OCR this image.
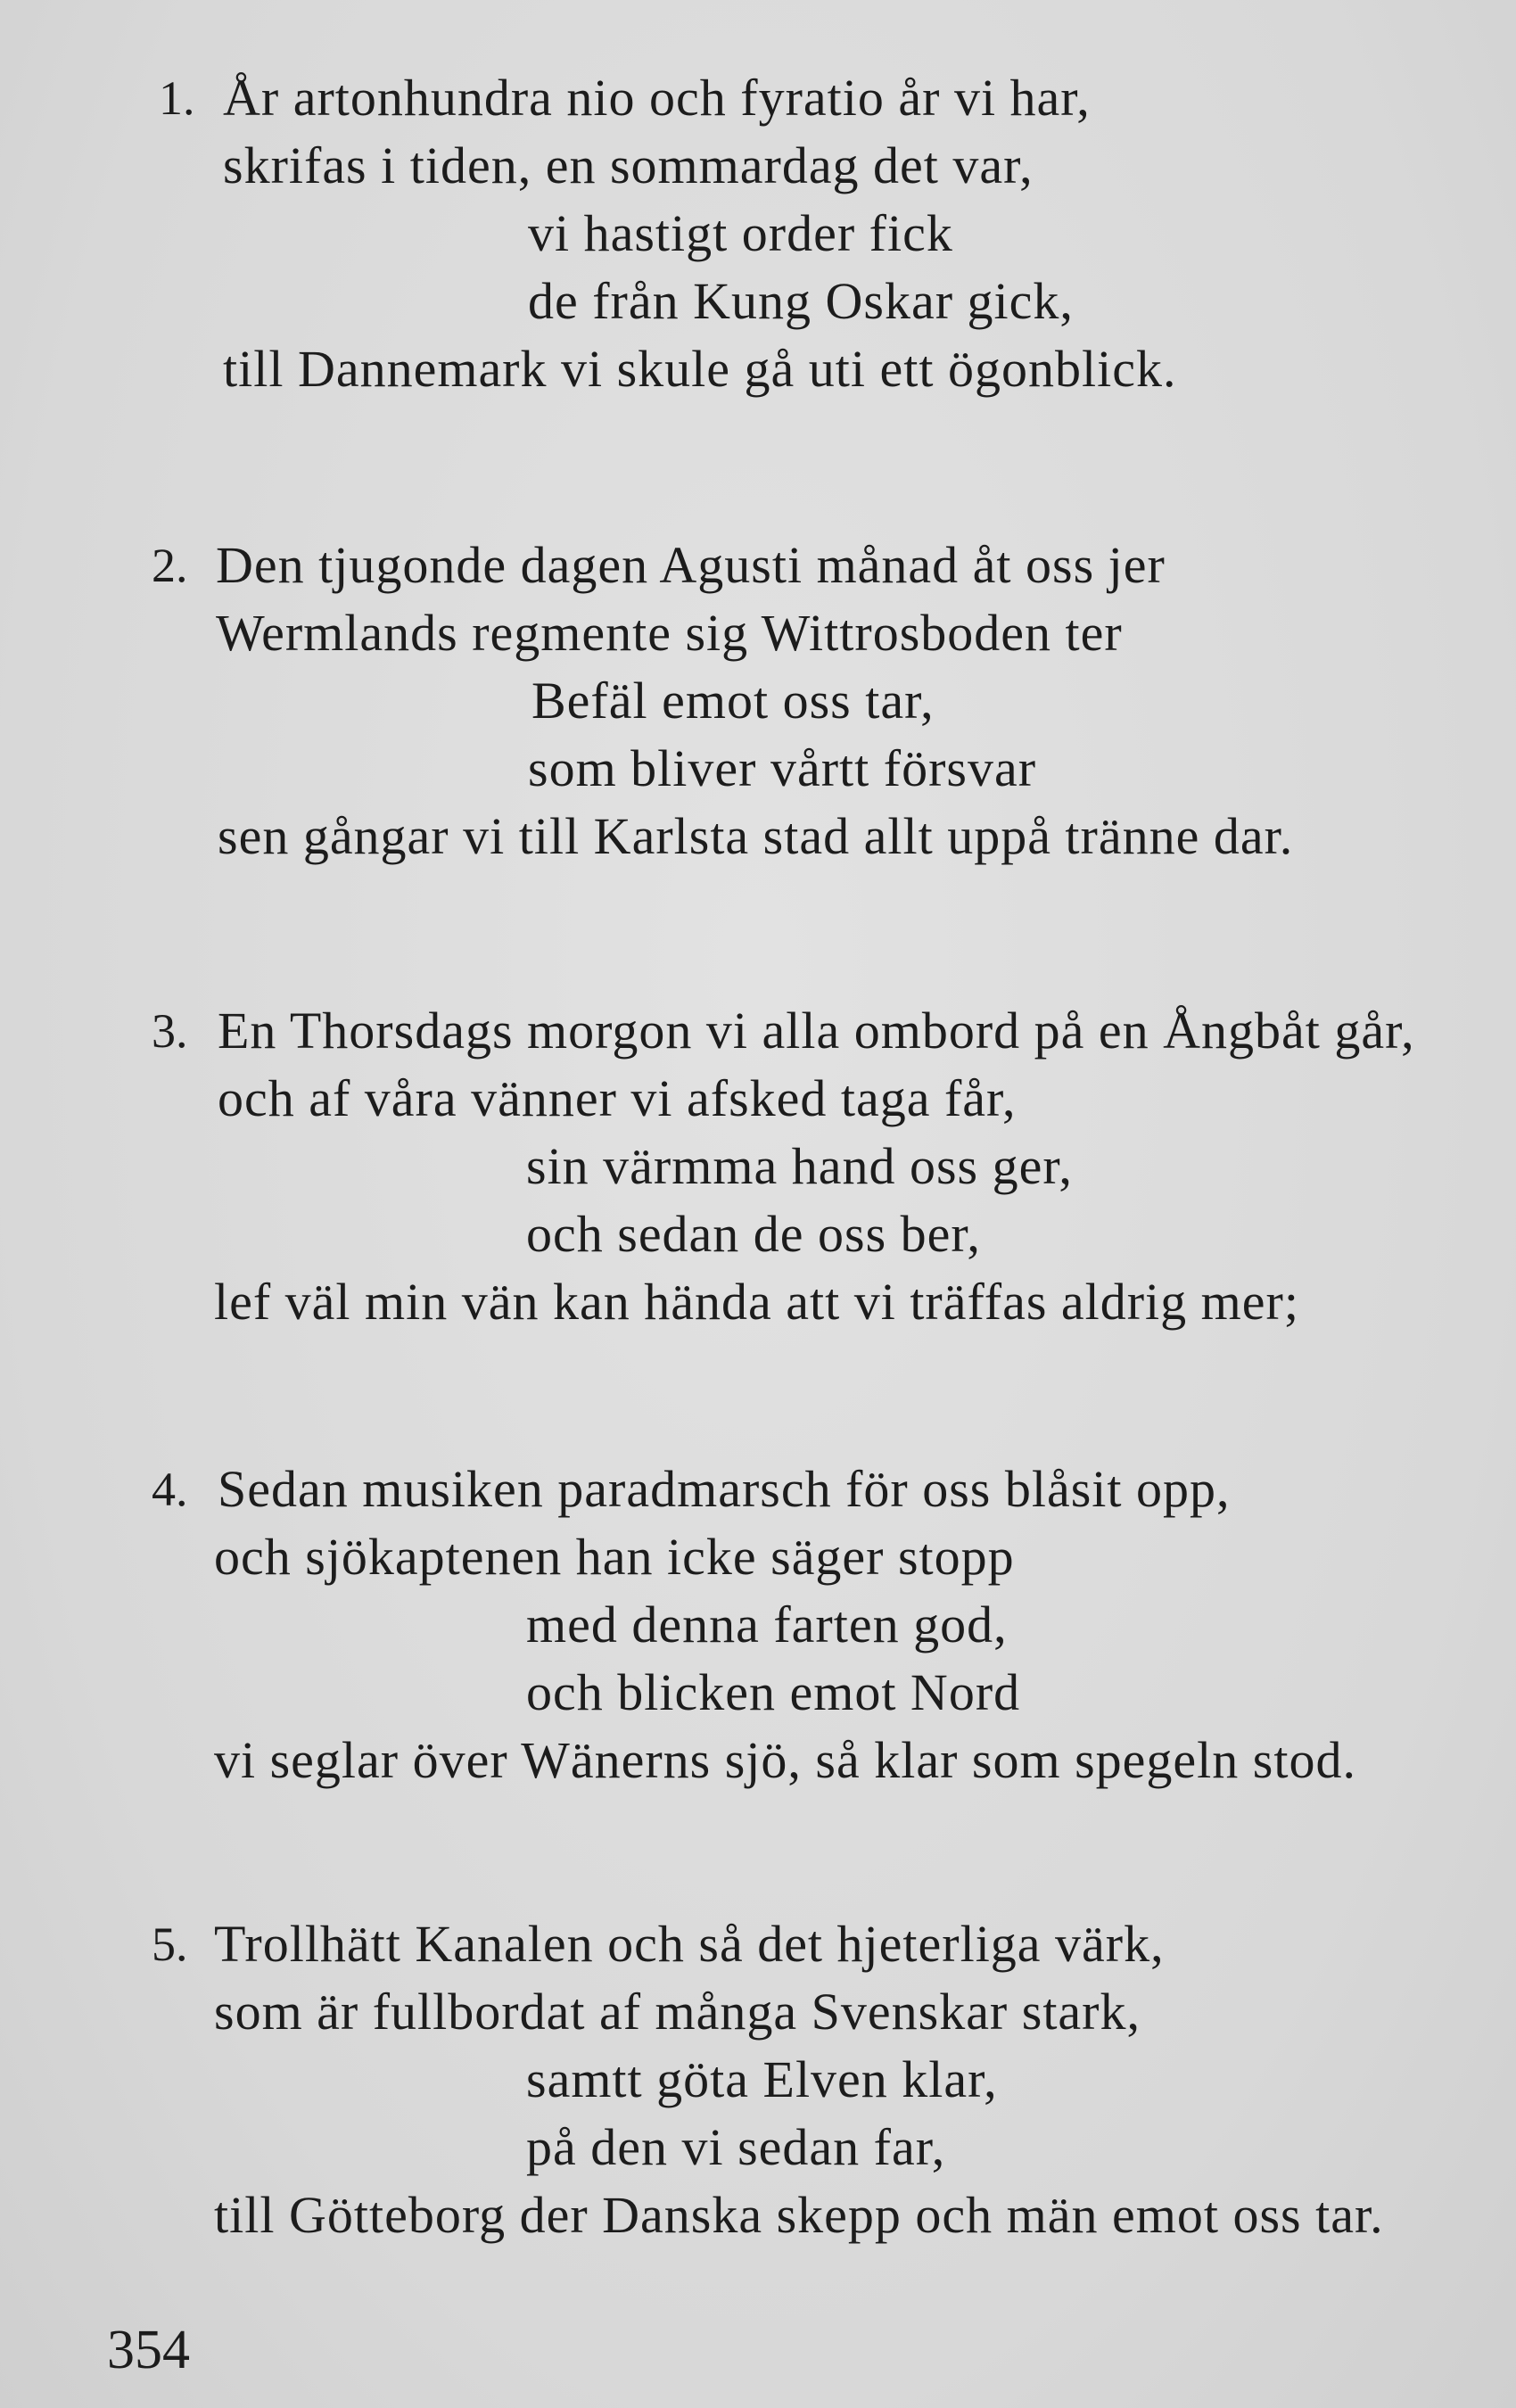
1. År artonhundra nio och fyratio år vi har,
skrifas i tiden, en sommardag det var,
vi hastigt order fick
de från Kung Oskar gick,
till Dannemark vi skule gå uti ett ögonblick.
2. Den tjugonde dagen Agusti månad åt oss jer
Wermlands regmente sig Wittrosboden ter
Befäl emot oss tar,
som bliver vårtt försvar
sen gångar vi till Karlsta stad allt uppå tränne dar.
3. En Thorsdags morgon vi alla ombord på en Ångbåt går,
och af våra vänner vi afsked taga får,
sin värmma hand oss ger,
och sedan de oss ber,
lef väl min vän kan hända att vi träffas aldrig mer;
4. Sedan musiken paradmarsch för oss blåsit opp,
och sjökaptenen han icke säger stopp
med denna farten god,
och blicken emot Nord
vi seglar över Wänerns sjö, så klar som spegeln stod.
5. Trollhätt Kanalen och så det hjeterliga värk,
som är fullbordat af många Svenskar stark,
samtt göta Elven klar,
på den vi sedan far,
till Götteborg der Danska skepp och män emot oss tar.
354
